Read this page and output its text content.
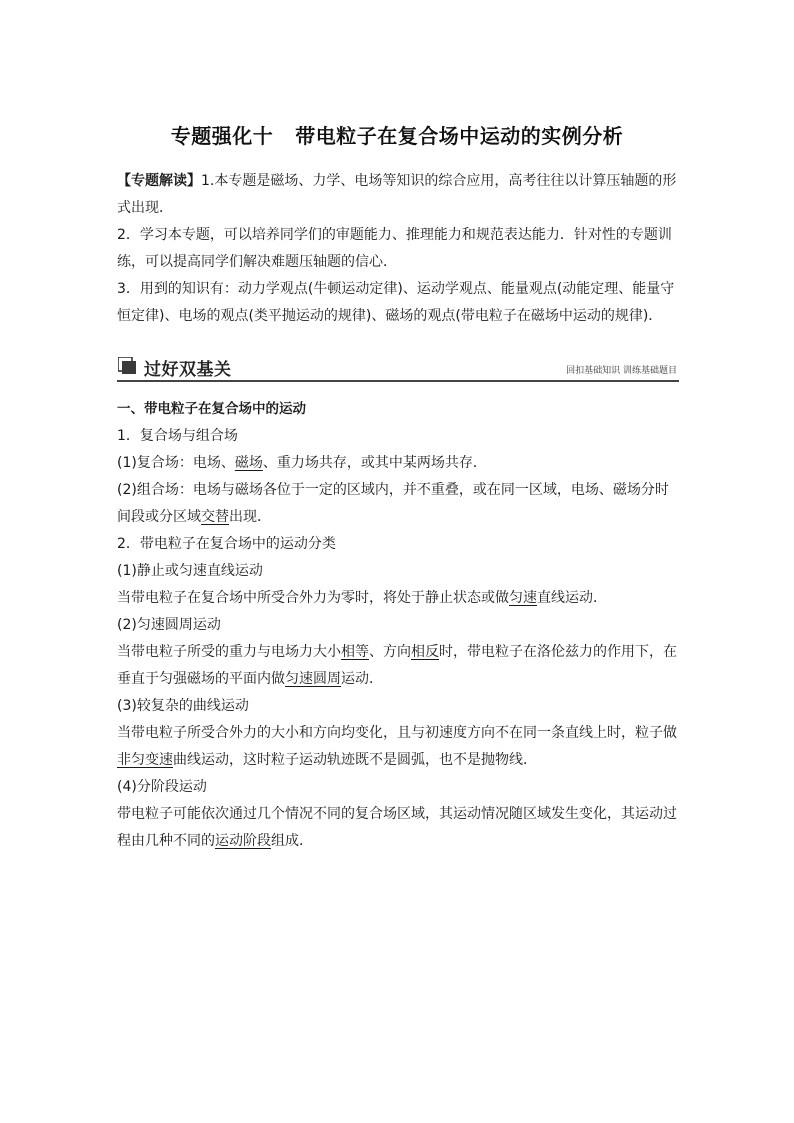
专题强化十 带电粒子在复合场中运动的实例分析

【专题解读】1.本专题是磁场、力学、电场等知识的综合应用，高考往往以计算压轴题的形式出现．

2．学习本专题，可以培养同学们的审题能力、推理能力和规范表达能力．针对性的专题训练，可以提高同学们解决难题压轴题的信心．

3．用到的知识有：动力学观点(牛顿运动定律)、运动学观点、能量观点(动能定理、能量守恒定律)、电场的观点(类平抛运动的规律)、磁场的观点(带电粒子在磁场中运动的规律)．

过好双基关	回扣基础知识 训练基础题目

一、带电粒子在复合场中的运动

1．复合场与组合场

(1)复合场：电场、磁场、重力场共存，或其中某两场共存．

(2)组合场：电场与磁场各位于一定的区域内，并不重叠，或在同一区域，电场、磁场分时间段或分区域交替出现．

2．带电粒子在复合场中的运动分类

(1)静止或匀速直线运动

当带电粒子在复合场中所受合外力为零时，将处于静止状态或做匀速直线运动．

(2)匀速圆周运动

当带电粒子所受的重力与电场力大小相等、方向相反时，带电粒子在洛伦兹力的作用下，在垂直于匀强磁场的平面内做匀速圆周运动．

(3)较复杂的曲线运动

当带电粒子所受合外力的大小和方向均变化，且与初速度方向不在同一条直线上时，粒子做非匀变速曲线运动，这时粒子运动轨迹既不是圆弧，也不是抛物线．

(4)分阶段运动

带电粒子可能依次通过几个情况不同的复合场区域，其运动情况随区域发生变化，其运动过程由几种不同的运动阶段组成．
